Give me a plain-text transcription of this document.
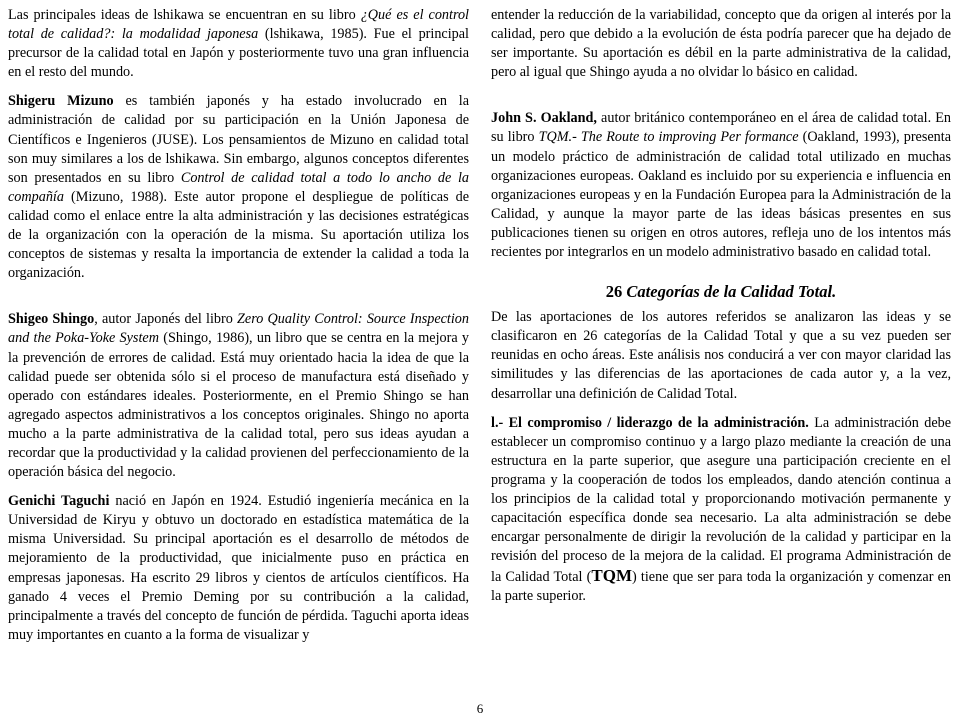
Las principales ideas de lshikawa se encuentran en su libro ¿Qué es el control total de calidad?: la modalidad japonesa (lshikawa, 1985). Fue el principal precursor de la calidad total en Japón y posteriormente tuvo una gran influencia en el resto del mundo.

Shigeru Mizuno es también japonés y ha estado involucrado en la administración de calidad por su participación en la Unión Japonesa de Científicos e Ingenieros (JUSE). Los pensamientos de Mizuno en calidad total son muy similares a los de lshikawa. Sin embargo, algunos conceptos diferentes son presentados en su libro Control de calidad total a todo lo ancho de la compañía (Mizuno, 1988). Este autor propone el despliegue de políticas de calidad como el enlace entre la alta administración y las decisiones estratégicas de la organización con la operación de la misma. Su aportación utiliza los conceptos de sistemas y resalta la importancia de extender la calidad a toda la organización.

Shigeo Shingo, autor Japonés del libro Zero Quality Control: Source Inspection and the Poka-Yoke System (Shingo, 1986), un libro que se centra en la mejora y la prevención de errores de calidad. Está muy orientado hacia la idea de que la calidad puede ser obtenida sólo si el proceso de manufactura está diseñado y operado con estándares ideales. Posteriormente, en el Premio Shingo se han agregado aspectos administrativos a los conceptos originales. Shingo no aporta mucho a la parte administrativa de la calidad total, pero sus ideas ayudan a recordar que la productividad y la calidad provienen del perfeccionamiento de la operación básica del negocio.

Genichi Taguchi nació en Japón en 1924. Estudió ingeniería mecánica en la Universidad de Kiryu y obtuvo un doctorado en estadística matemática de la misma Universidad. Su principal aportación es el desarrollo de métodos de mejoramiento de la productividad, que inicialmente puso en práctica en empresas japonesas. Ha escrito 29 libros y cientos de artículos científicos. Ha ganado 4 veces el Premio Deming por su contribución a la calidad, principalmente a través del concepto de función de pérdida. Taguchi aporta ideas muy importantes en cuanto a la forma de visualizar y

entender la reducción de la variabilidad, concepto que da origen al interés por la calidad, pero que debido a la evolución de ésta podría parecer que ha dejado de ser importante. Su aportación es débil en la parte administrativa de la calidad, pero al igual que Shingo ayuda a no olvidar lo básico en calidad.

John S. Oakland, autor británico contemporáneo en el área de calidad total. En su libro TQM.- The Route to improving Per formance (Oakland, 1993), presenta un modelo práctico de administración de calidad total utilizado en muchas organizaciones europeas. Oakland es incluido por su experiencia e influencia en organizaciones europeas y en la Fundación Europea para la Administración de la Calidad, y aunque la mayor parte de las ideas básicas presentes en sus publicaciones tienen su origen en otros autores, refleja uno de los intentos más recientes por integrarlos en un modelo administrativo basado en calidad total.

26 Categorías de la Calidad Total.

De las aportaciones de los autores referidos se analizaron las ideas y se clasificaron en 26 categorías de la Calidad Total y que a su vez pueden ser reunidas en ocho áreas. Este análisis nos conducirá a ver con mayor claridad las similitudes y las diferencias de las aportaciones de cada autor y, a la vez, desarrollar una definición de Calidad Total.

l.- El compromiso / liderazgo de la administración. La administración debe establecer un compromiso continuo y a largo plazo mediante la creación de una estructura en la parte superior, que asegure una participación creciente en el programa y la cooperación de todos los empleados, dando atención continua a los principios de la calidad total y proporcionando motivación permanente y capacitación específica donde sea necesario. La alta administración se debe encargar personalmente de dirigir la revolución de la calidad y participar en la revisión del proceso de la mejora de la calidad. El programa Administración de la Calidad Total (TQM) tiene que ser para toda la organización y comenzar en la parte superior.

6
